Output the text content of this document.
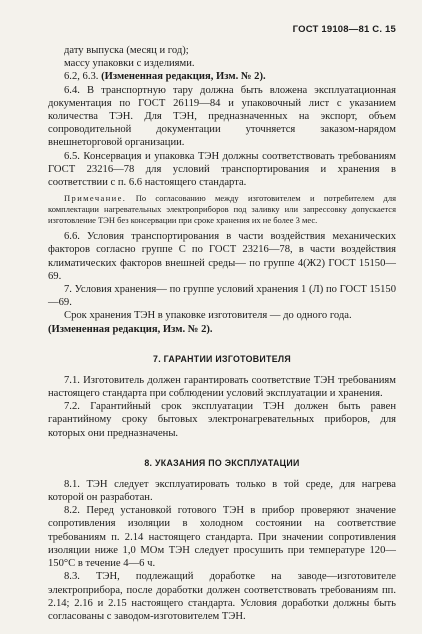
ГОСТ 19108—81 С. 15

дату выпуска (месяц и год);

массу упаковки с изделиями.

6.2, 6.3. (Измененная редакция, Изм. № 2).

6.4. В транспортную тару должна быть вложена эксплуатационная документация по ГОСТ 26119—84 и упаковочный лист с указанием количества ТЭН. Для ТЭН, предназначенных на экспорт, объем сопроводительной документации уточняется заказом-нарядом внешнеторговой организации.

6.5. Консервация и упаковка ТЭН должны соответствовать требованиям ГОСТ 23216—78 для условий транспортирования и хранения в соответствии с п. 6.6 настоящего стандарта.

Примечание. По согласованию между изготовителем и потребителем для комплектации нагревательных электроприборов под заливку или запрессовку допускается изготовление ТЭН без консервации при сроке хранения их не более 3 мес.

6.6. Условия транспортирования в части воздействия механических факторов согласно группе С по ГОСТ 23216—78, в части воздействия климатических факторов внешней среды— по группе 4(Ж2) ГОСТ 15150—69.

7. Условия хранения— по группе условий хранения 1 (Л) по ГОСТ 15150—69.

Срок хранения ТЭН в упаковке изготовителя — до одного года.

(Измененная редакция, Изм. № 2).

7. ГАРАНТИИ ИЗГОТОВИТЕЛЯ

7.1. Изготовитель должен гарантировать соответствие ТЭН требованиям настоящего стандарта при соблюдении условий эксплуатации и хранения.

7.2. Гарантийный срок эксплуатации ТЭН должен быть равен гарантийному сроку бытовых электронагревательных приборов, для которых они предназначены.

8. УКАЗАНИЯ ПО ЭКСПЛУАТАЦИИ

8.1. ТЭН следует эксплуатировать только в той среде, для нагрева которой он разработан.

8.2. Перед установкой готового ТЭН в прибор проверяют значение сопротивления изоляции в холодном состоянии на соответствие требованиям п. 2.14 настоящего стандарта. При значении сопротивления изоляции ниже 1,0 МОм ТЭН следует просушить при температуре 120—150°С в течение 4—6 ч.

8.3. ТЭН, подлежащий доработке на заводе—изготовителе электроприбора, после доработки должен соответствовать требованиям пп. 2.14; 2.16 и 2.15 настоящего стандарта. Условия доработки должны быть согласованы с заводом-изготовителем ТЭН.
